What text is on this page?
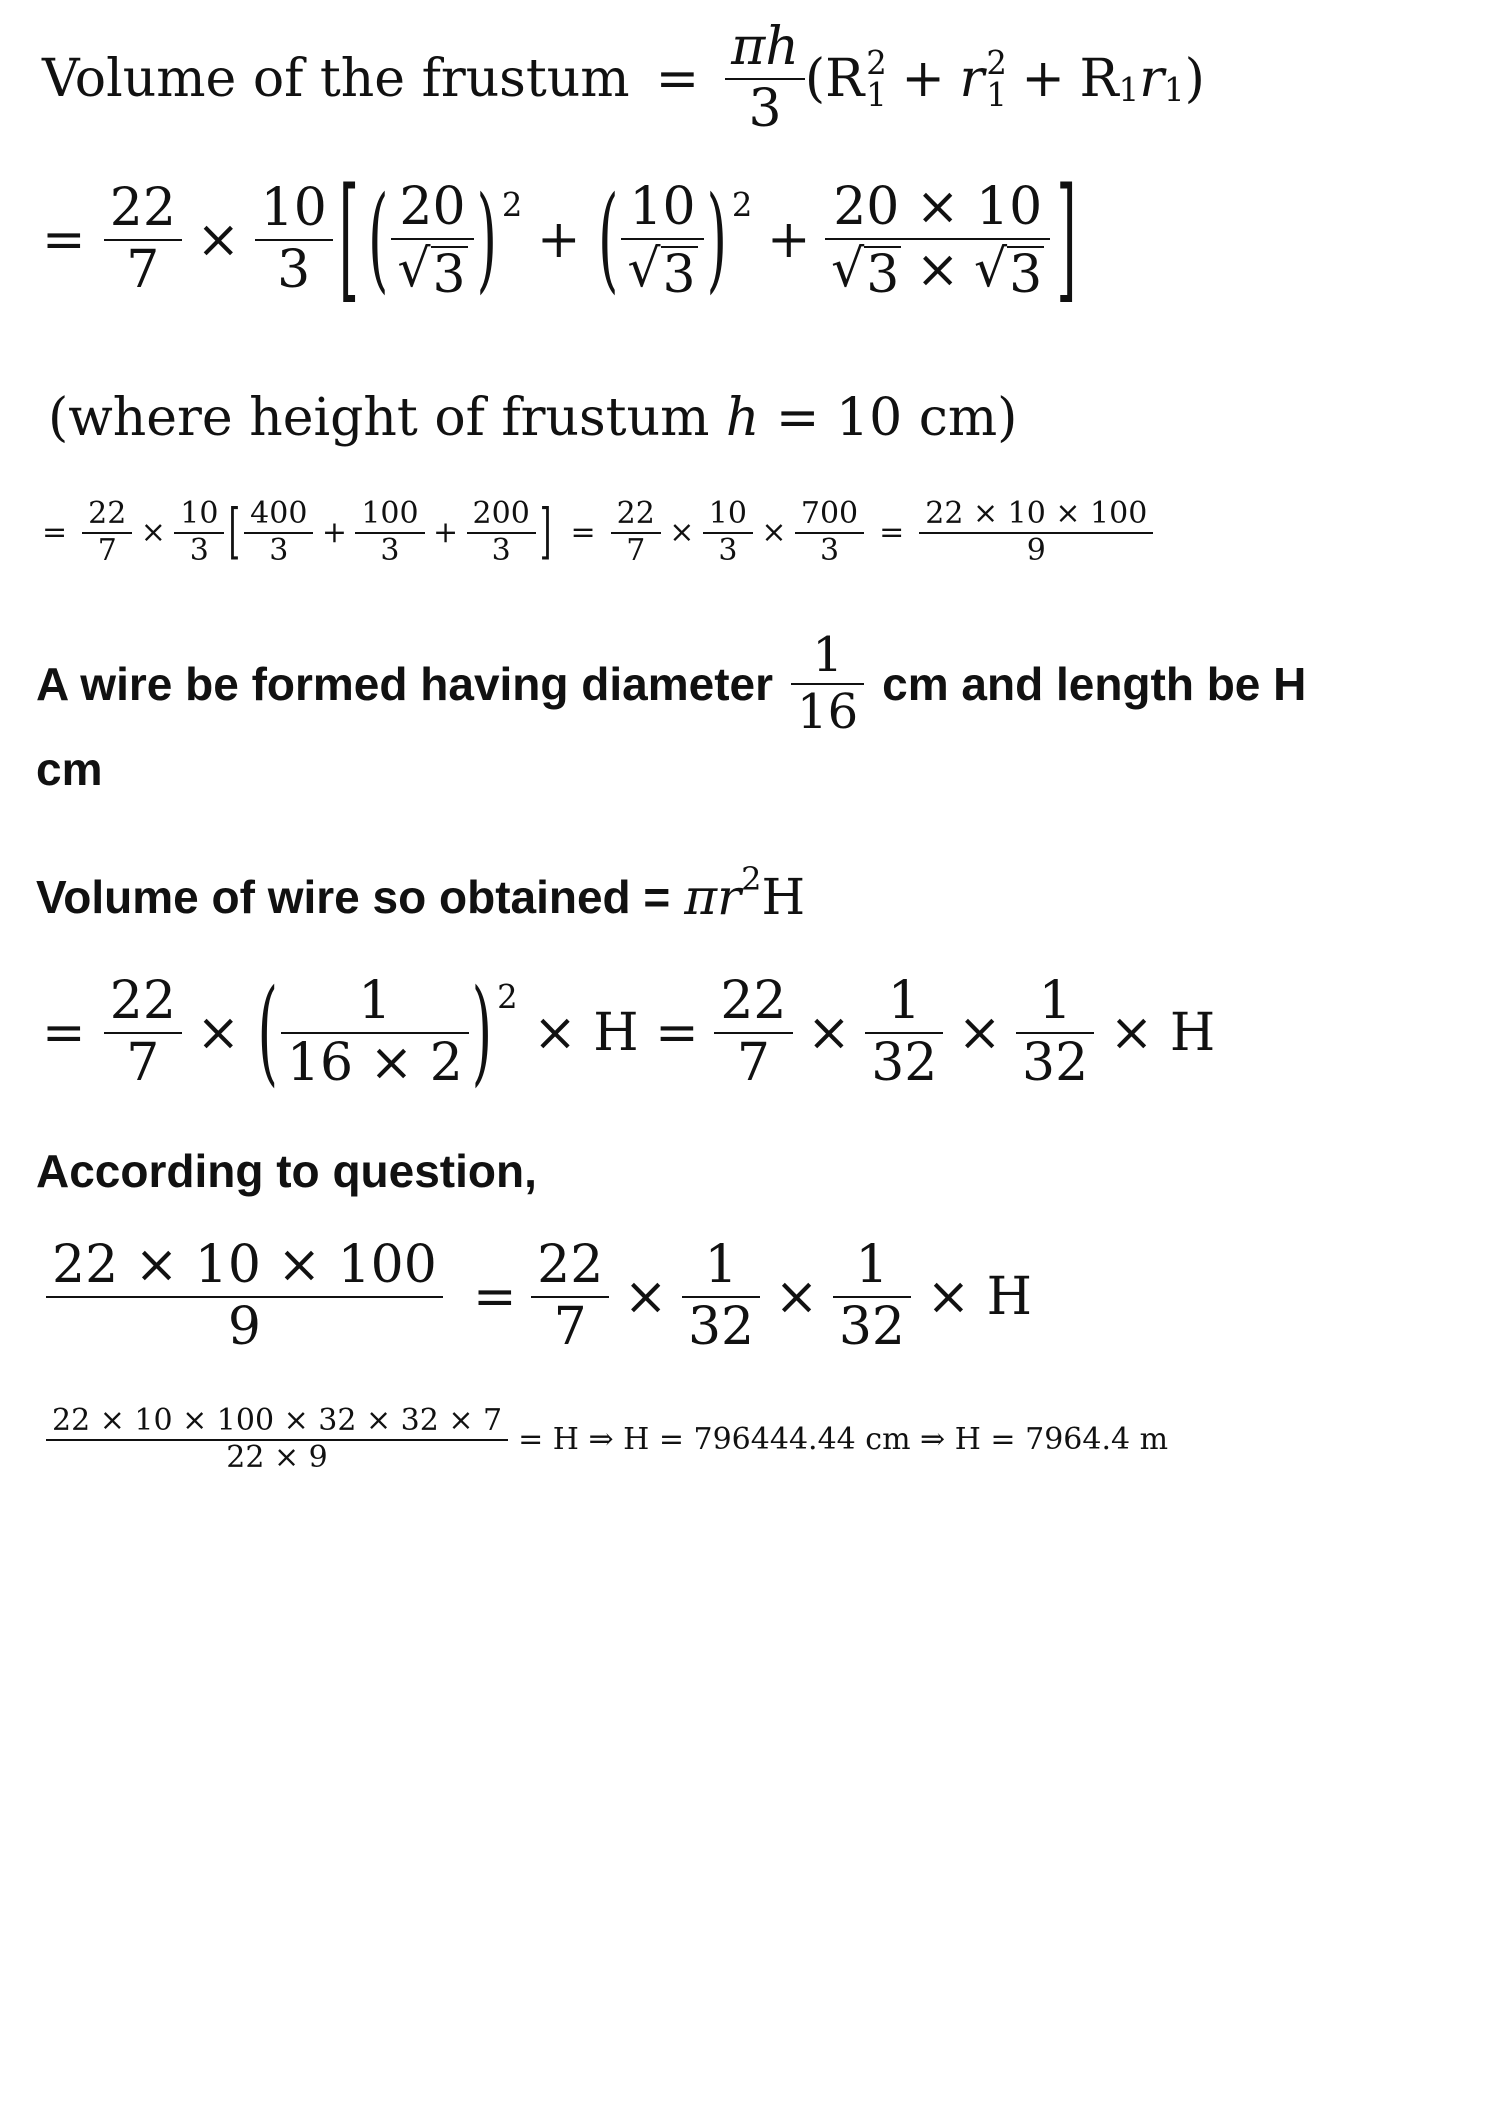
Volume of the frustum = $\frac{\pi h}{3}$ ( R 2
1 + r 2
1 + R 1 r 1 )
= $\frac{22}{7} \times \frac{10}{3}$ [ ( $\frac{20}{√ 3}$ ) 2
+ ( $\frac{10}{√ 3}$ ) 2
+ $\frac{20 \times 10}{√ 3 \times √ 3}$ ]
(where height of frustum h = 10 cm)
= $\frac{22}{7} \times \frac{10}{3}$ [ $\frac{400}{3} + \frac{100}{3} + \frac{200}{3}$ ] = $\frac{22}{7} \times \frac{10}{3} \times \frac{700}{3} = \frac{22 \times 10 \times 100}{9}$
A wire be formed having diameter $\frac{1}{16}$ cm and length be H
cm
Volume of wire so obtained = π r 2 H
= $\frac{22}{7}$ × ( $\frac{1}{16 \times 2}$ ) 2
× $H = \frac{22}{7} \times \frac{1}{32} \times \frac{1}{32} \times H$
According to question,
$\frac{22 \times 10 \times 100}{9} = \frac{22}{7} \times \frac{1}{32} \times \frac{1}{32} \times H$
$\frac{22 \times 10 \times 100 \times 32 \times 32 \times 7}{22 \times 9} = H$ ⇒ H = 796444.44 cm ⇒ H = 7964.4 m
